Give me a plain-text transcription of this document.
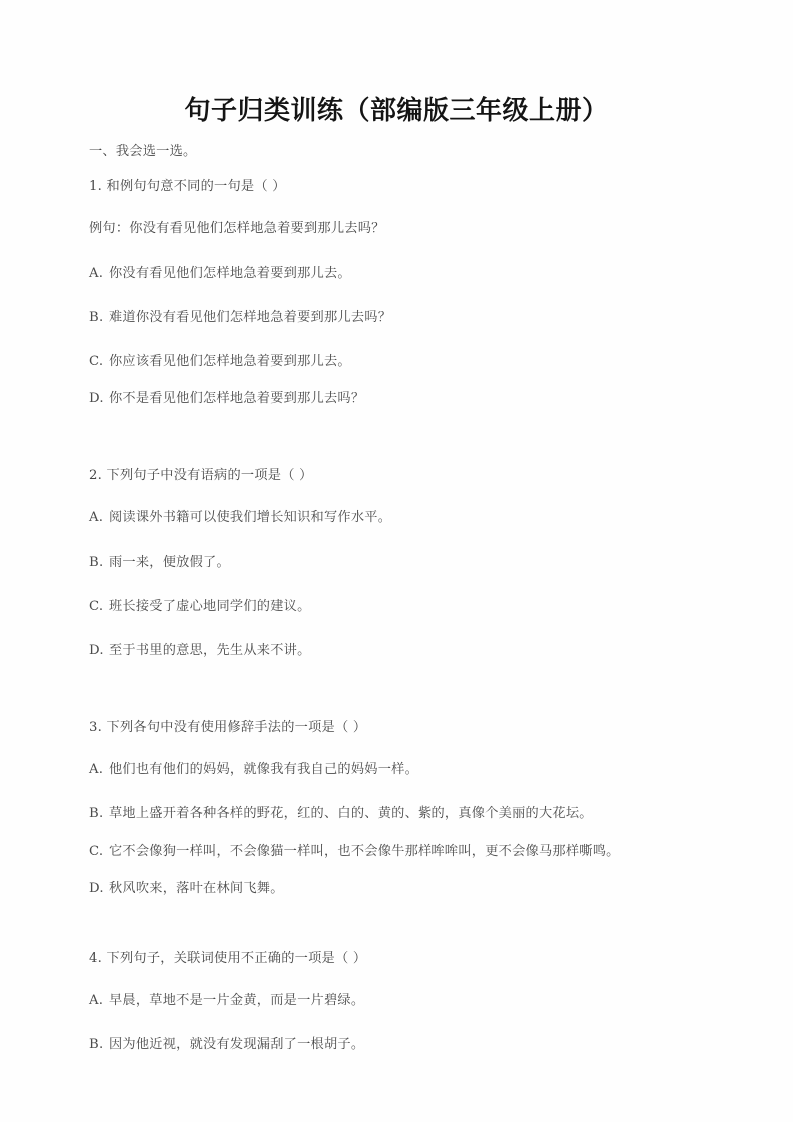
句子归类训练（部编版三年级上册）
一、我会选一选。
1. 和例句句意不同的一句是（ ）
例句：你没有看见他们怎样地急着要到那儿去吗？
A. 你没有看见他们怎样地急着要到那儿去。
B. 难道你没有看见他们怎样地急着要到那儿去吗？
C. 你应该看见他们怎样地急着要到那儿去。
D. 你不是看见他们怎样地急着要到那儿去吗？
2. 下列句子中没有语病的一项是（ ）
A. 阅读课外书籍可以使我们增长知识和写作水平。
B. 雨一来，便放假了。
C. 班长接受了虚心地同学们的建议。
D. 至于书里的意思，先生从来不讲。
3. 下列各句中没有使用修辞手法的一项是（ ）
A. 他们也有他们的妈妈，就像我有我自己的妈妈一样。
B. 草地上盛开着各种各样的野花，红的、白的、黄的、紫的，真像个美丽的大花坛。
C. 它不会像狗一样叫，不会像猫一样叫，也不会像牛那样哞哞叫，更不会像马那样嘶鸣。
D. 秋风吹来，落叶在林间飞舞。
4. 下列句子，关联词使用不正确的一项是（ ）
A. 早晨，草地不是一片金黄，而是一片碧绿。
B. 因为他近视，就没有发现漏刮了一根胡子。
